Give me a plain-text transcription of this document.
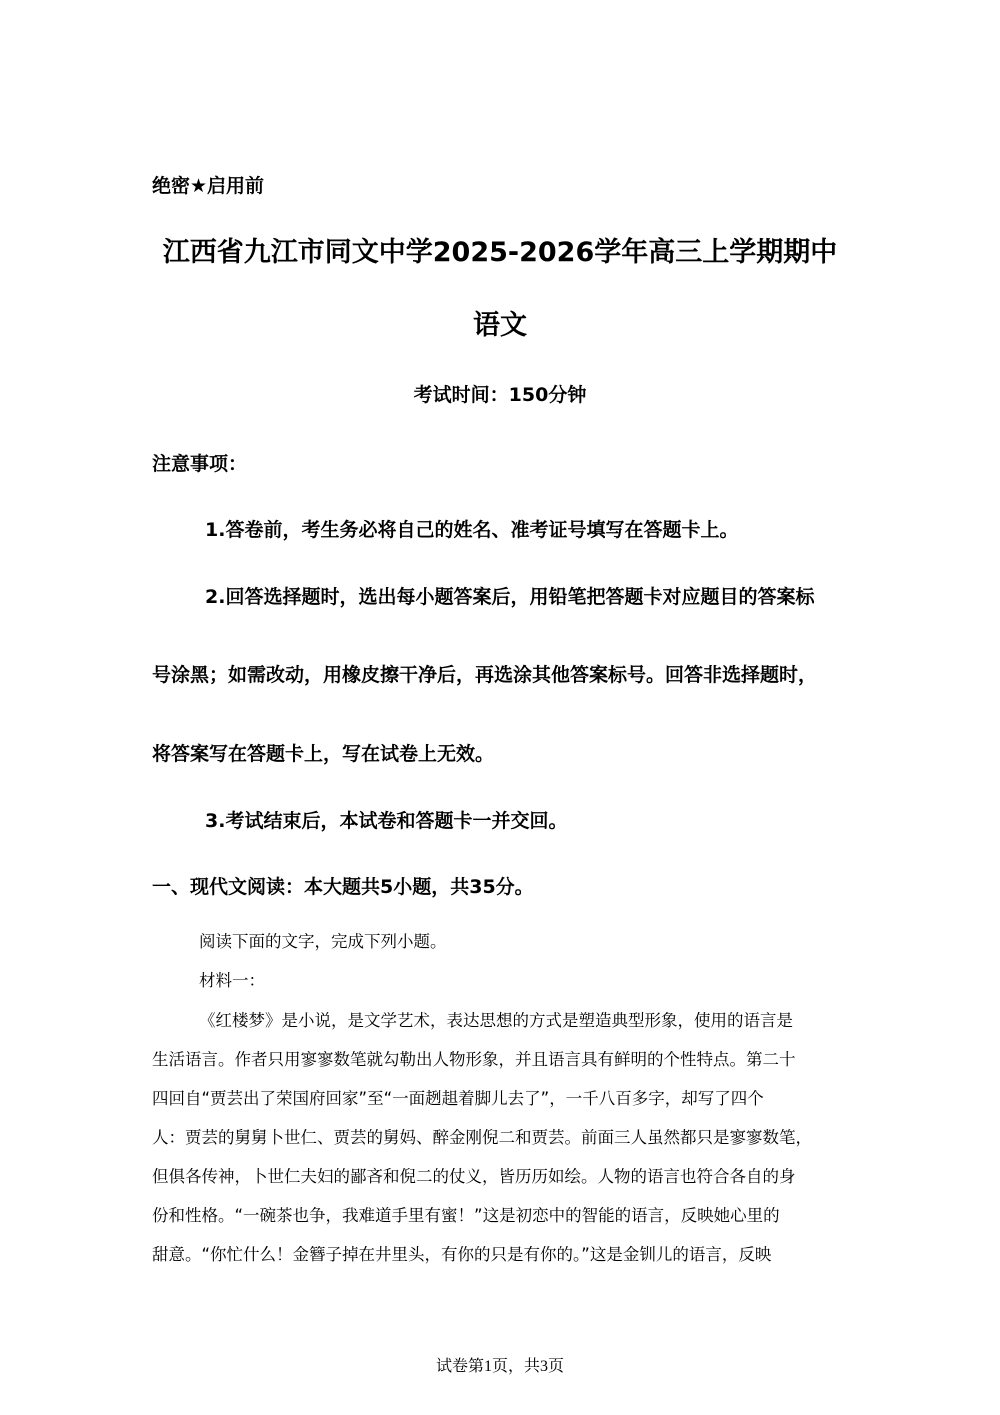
绝密★启用前
江西省九江市同文中学2025-2026学年高三上学期期中
语文
考试时间：150分钟
注意事项：
1.答卷前，考生务必将自己的姓名、准考证号填写在答题卡上。
2.回答选择题时，选出每小题答案后，用铅笔把答题卡对应题目的答案标
号涂黑；如需改动，用橡皮擦干净后，再选涂其他答案标号。回答非选择题时，
将答案写在答题卡上，写在试卷上无效。
3.考试结束后，本试卷和答题卡一并交回。
一、现代文阅读：本大题共5小题，共35分。
阅读下面的文字，完成下列小题。
材料一：
《红楼梦》是小说，是文学艺术，表达思想的方式是塑造典型形象，使用的语言是
生活语言。作者只用寥寥数笔就勾勒出人物形象，并且语言具有鲜明的个性特点。第二十
四回自“贾芸出了荣国府回家”至“一面趔趄着脚儿去了”，一千八百多字，却写了四个
人：贾芸的舅舅卜世仁、贾芸的舅妈、醉金刚倪二和贾芸。前面三人虽然都只是寥寥数笔，
但俱各传神，卜世仁夫妇的鄙吝和倪二的仗义，皆历历如绘。人物的语言也符合各自的身
份和性格。“一碗茶也争，我难道手里有蜜！”这是初恋中的智能的语言，反映她心里的
甜意。“你忙什么！金簪子掉在井里头，有你的只是有你的。”这是金钏儿的语言，反映
试卷第1页，共3页
